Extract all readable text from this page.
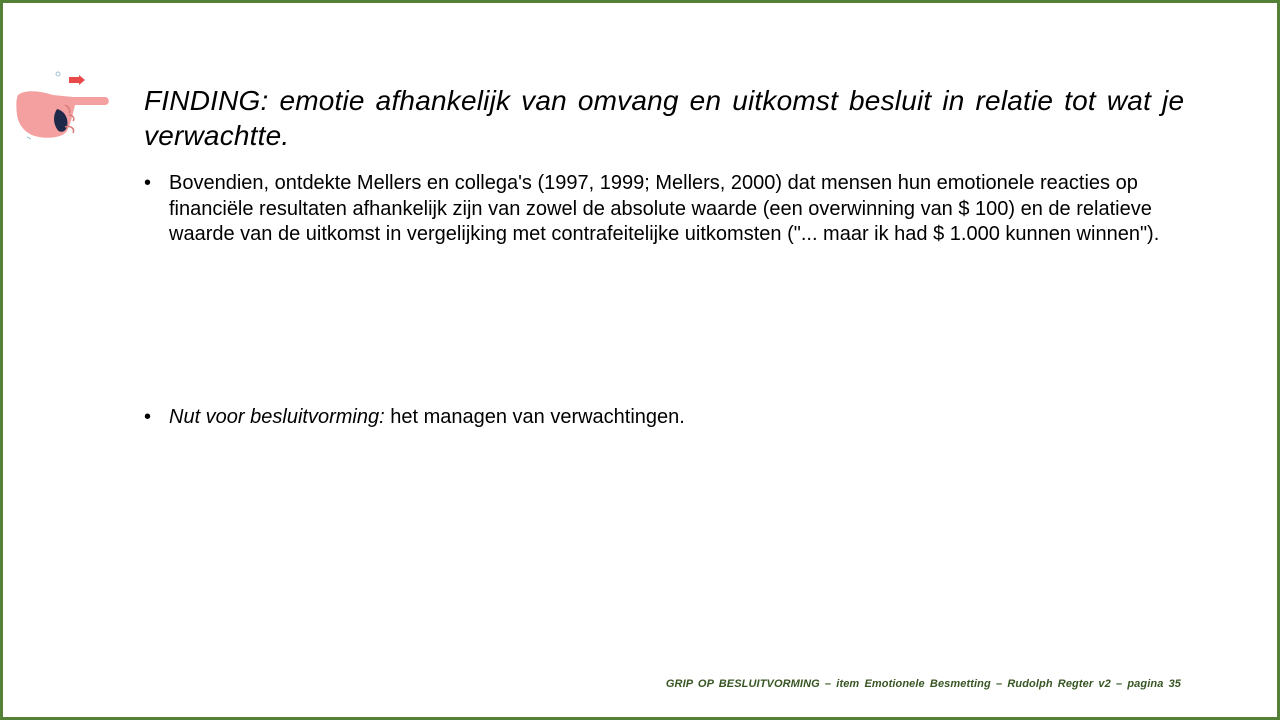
FINDING: emotie afhankelijk van omvang en uitkomst besluit in relatie tot wat je verwachtte.
• Bovendien, ontdekte Mellers en collega's (1997, 1999; Mellers, 2000) dat mensen hun emotionele reacties op financiële resultaten afhankelijk zijn van zowel de absolute waarde (een overwinning van $ 100) en de relatieve waarde van de uitkomst in vergelijking met contrafeitelijke uitkomsten ("... maar ik had $ 1.000 kunnen winnen").
• Nut voor besluitvorming: het managen van verwachtingen.
GRIP OP BESLUITVORMING – item Emotionele Besmetting – Rudolph Regter v2 – pagina 35
